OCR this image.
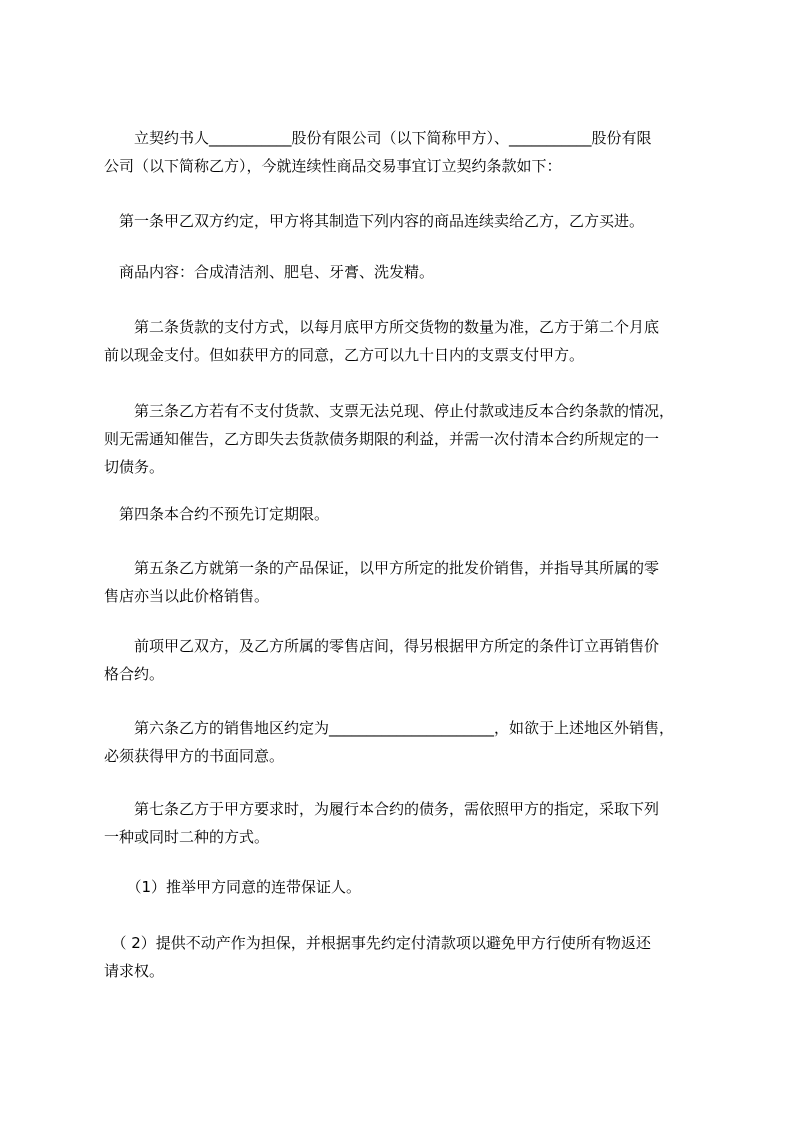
　　立契约书人___________股份有限公司（以下简称甲方）、___________股份有限
公司（以下简称乙方），今就连续性商品交易事宜订立契约条款如下：
　第一条甲乙双方约定，甲方将其制造下列内容的商品连续卖给乙方，乙方买进。
　商品内容：合成清洁剂、肥皂、牙膏、洗发精。
　　第二条货款的支付方式，以每月底甲方所交货物的数量为准，乙方于第二个月底
前以现金支付。但如获甲方的同意，乙方可以九十日内的支票支付甲方。
　　第三条乙方若有不支付货款、支票无法兑现、停止付款或违反本合约条款的情况，
则无需通知催告，乙方即失去货款债务期限的利益，并需一次付清本合约所规定的一
切债务。
　第四条本合约不预先订定期限。
　　第五条乙方就第一条的产品保证，以甲方所定的批发价销售，并指导其所属的零
售店亦当以此价格销售。
　　前项甲乙双方，及乙方所属的零售店间，得另根据甲方所定的条件订立再销售价
格合约。
　　第六条乙方的销售地区约定为______________________，如欲于上述地区外销售，
必须获得甲方的书面同意。
　　第七条乙方于甲方要求时，为履行本合约的债务，需依照甲方的指定，采取下列
一种或同时二种的方式。
　　（1）推举甲方同意的连带保证人。
　（ 2）提供不动产作为担保，并根据事先约定付清款项以避免甲方行使所有物返还
请求权。
